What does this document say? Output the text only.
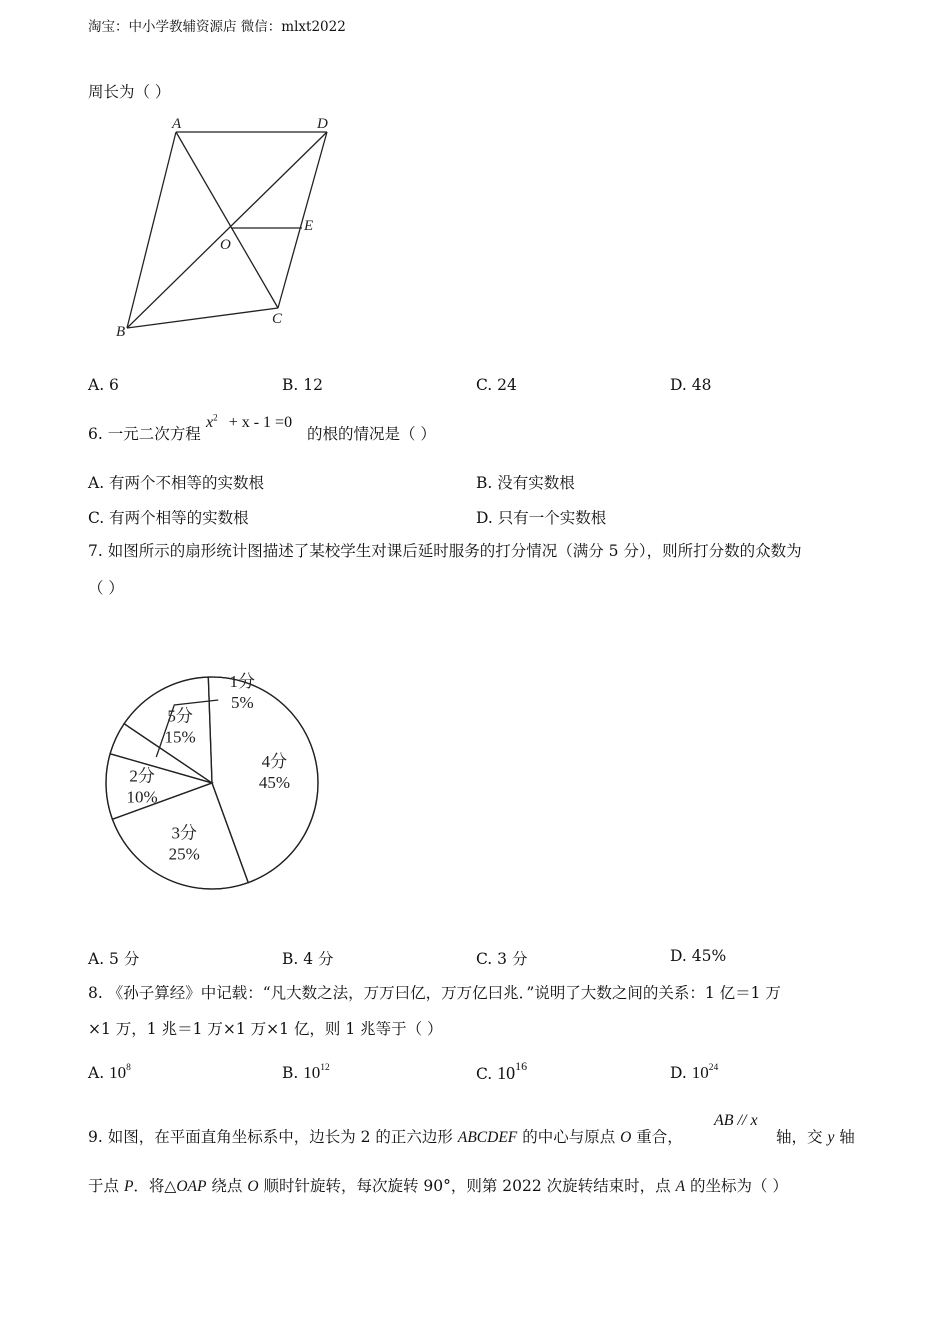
淘宝：中小学教辅资源店 微信：mlxt2022
周长为（ ）
A	D
E
O
B
C
A. 6	B. 12	C. 24	D. 48
6. 一元二次方程
$x^2 + x - 1 =0$
的根的情况是（ ）
A. 有两个不相等的实数根	B. 没有实数根
C. 有两个相等的实数根	D. 只有一个实数根
7. 如图所示的扇形统计图描述了某校学生对课后延时服务的打分情况（满分 5 分），则所打分数的众数为
（ ）
1分
5%
5分
15%
4分
45%
3分
25%
2分
10%
A. 5 分	B. 4 分	C. 3 分	D. 45%
8. 《孙子算经》中记载：“凡大数之法，万万曰亿，万万亿曰兆．”说明了大数之间的关系：1 亿＝1 万
×1 万，1 兆＝1 万×1 万×1 亿，则 1 兆等于（ ）
A. $10^8$	B. $10^{12}$	C. $10^{16}$	D. $10^{24}$
9. 如图，在平面直角坐标系中，边长为 2 的正六边形 ABCDEF 的中心与原点 O 重合，
AB // x
轴，交 y 轴
于点 P．将△OAP 绕点 O 顺时针旋转，每次旋转 90°，则第 2022 次旋转结束时，点 A 的坐标为（ ）
